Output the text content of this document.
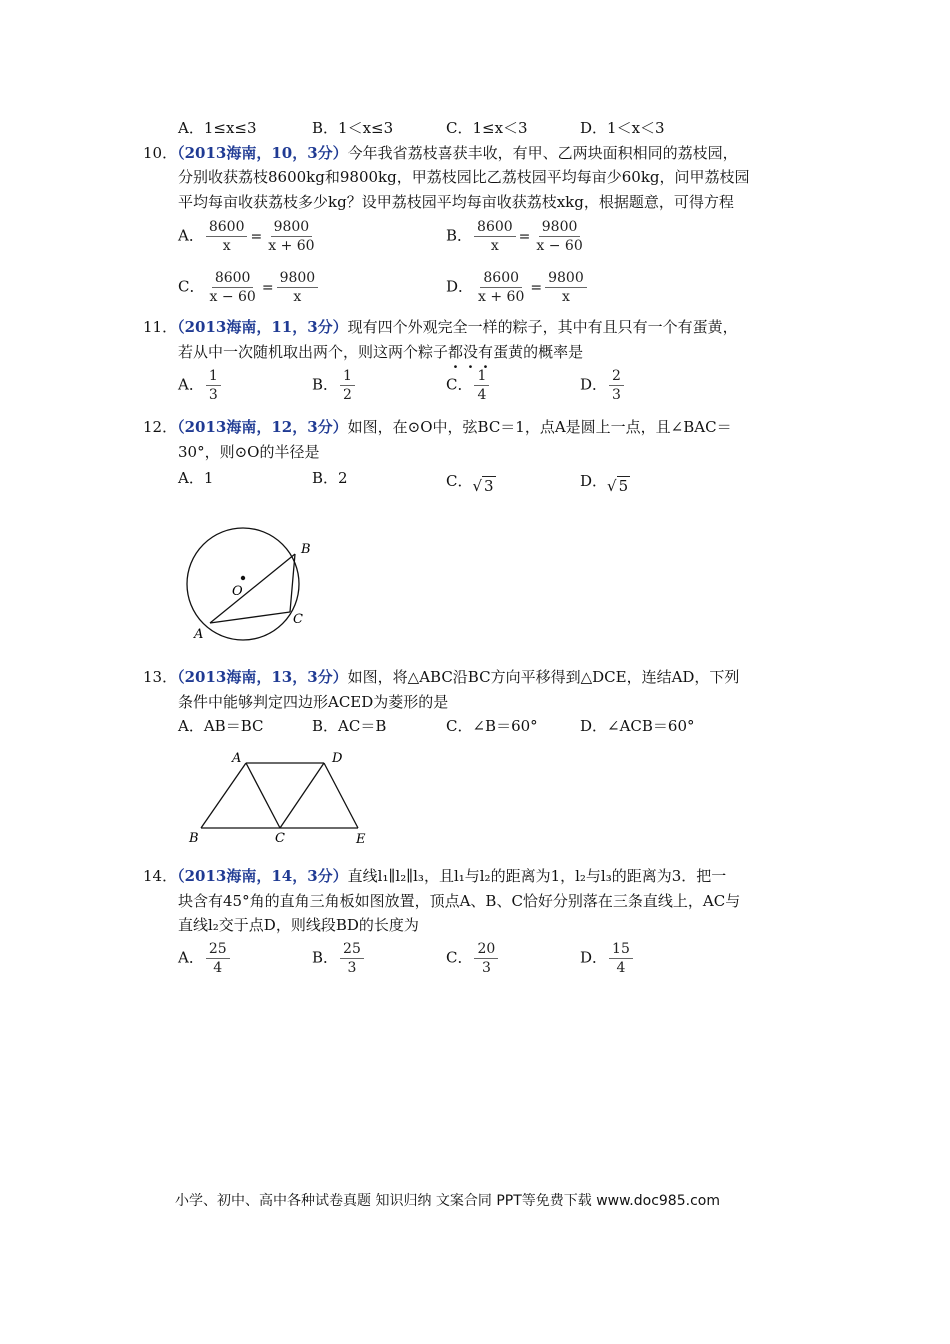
A．1≤x≤3	B．1＜x≤3	C．1≤x＜3	D．1＜x＜3
10．（2013海南，10，3分）今年我省荔枝喜获丰收，有甲、乙两块面积相同的荔枝园，
分别收获荔枝8600kg和9800kg，甲荔枝园比乙荔枝园平均每亩少60kg，问甲荔枝园
平均每亩收获荔枝多少kg？设甲荔枝园平均每亩收获荔枝xkg，根据题意，可得方程
A． $\frac{8600}{x} = \frac{9800}{x + 60}$	B． $\frac{8600}{x} = \frac{9800}{x - 60}$
C． $\frac{8600}{x - 60} = \frac{9800}{x}$	D． $\frac{8600}{x + 60} = \frac{9800}{x}$
11．（2013海南，11，3分）现有四个外观完全一样的粽子，其中有且只有一个有蛋黄，
若从中一次随机取出两个，则这两个粽子都没有蛋黄的概率是
A． $\frac{1}{3}$	B． $\frac{1}{2}$	C． $\frac{1}{4}$	D． $\frac{2}{3}$
12．（2013海南，12，3分）如图，在⊙O中，弦BC＝1，点A是圆上一点，且∠BAC＝
30°，则⊙O的半径是
A．1	B．2	C．√ 3	D．√ 5
O
B
C
A
13．（2013海南，13，3分）如图，将△ABC沿BC方向平移得到△DCE，连结AD，下列
条件中能够判定四边形ACED为菱形的是
A．AB＝BC	B．AC＝B	C．∠B＝60°	D．∠ACB＝60°
A	D
B	C	E
14．（2013海南，14，3分）直线l₁∥l₂∥l₃，且l₁与l₂的距离为1，l₂与l₃的距离为3．把一
块含有45°角的直角三角板如图放置，顶点A、B、C恰好分别落在三条直线上，AC与
直线l₂交于点D，则线段BD的长度为
A． $\frac{25}{4}$	B． $\frac{25}{3}$	C． $\frac{20}{3}$	D． $\frac{15}{4}$
小学、初中、高中各种试卷真题 知识归纳 文案合同 PPT等免费下载 www.doc985.com
